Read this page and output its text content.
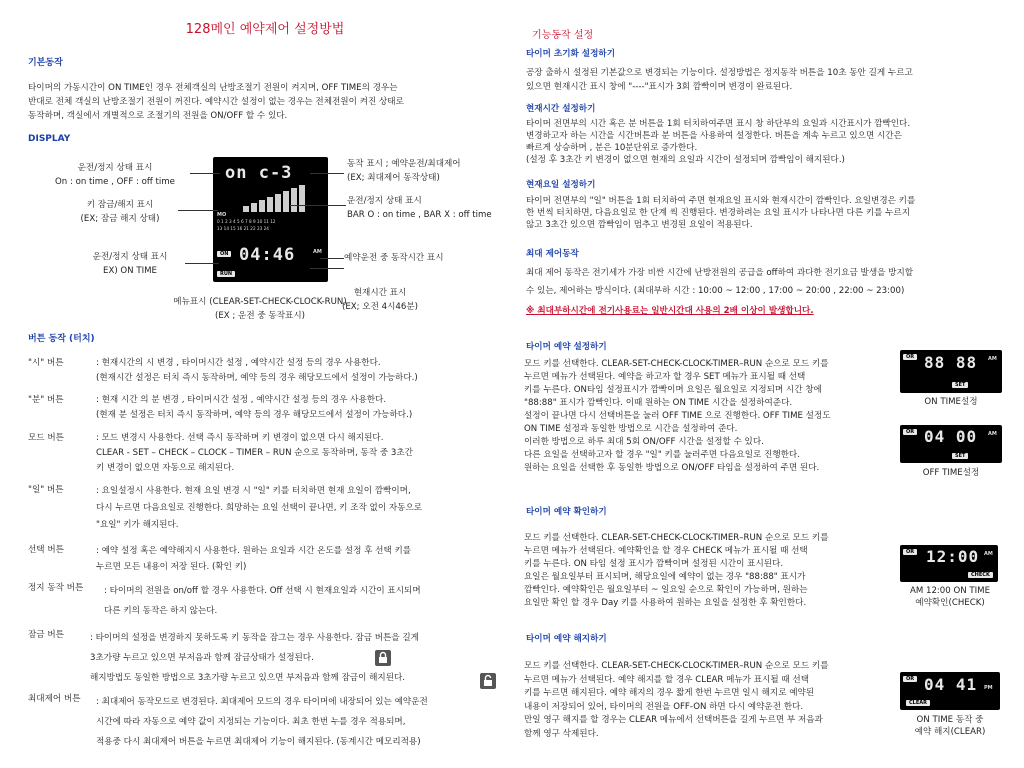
128메인 예약제어 설정방법
기본동작
타이머의 가동시간이 ON TIME인 경우 전체객실의 난방조절기 전원이 켜지며, OFF TIME의 경우는
반대로 전체 객실의 난방조절기 전원이 꺼진다. 예약시간 설정이 없는 경우는 전체전원이 켜진 상태로
동작하며, 객실에서 개별적으로 조절기의 전원을 ON/OFF 할 수 있다.
DISPLAY
on c-3
MO
0 1 2 3 4 5 6 7 8 9 10 11 12
13 14 15 16 21 22 23 24
ON 04:46	AM
RUN
운전/정지 상태 표시
On : on time , OFF : off time
키 잠금/해지 표시
(EX; 잠금 해지 상태)
운전/정지 상태 표시
EX) ON TIME
동작 표시 ; 예약운전/최대제어
(EX; 최대제어 동작상태)
운전/정지 상태 표시
BAR O : on time , BAR X : off time
예약운전 중 동작시간 표시
현재시간 표시
(EX; 오전 4시46분)
메뉴표시 (CLEAR-SET-CHECK-CLOCK-RUN)
(EX ; 운전 중 동작표시)
버튼 동작 (터치)
"시" 버튼	: 현재시간의 시 변경 , 타이머시간 설정 , 예약시간 설정 등의 경우 사용한다.
(현재시간 설정은 터치 즉시 동작하며, 예약 등의 경우 해당모드에서 설정이 가능하다.)
"분" 버튼	: 현재 시간 의 분 변경 , 타이머시간 설정 , 예약시간 설정 등의 경우 사용한다.
(현재 분 설정은 터치 즉시 동작하며, 예약 등의 경우 해당모드에서 설정이 가능하다.)
모드 버튼	: 모드 변경시 사용한다. 선택 즉시 동작하며 키 변경이 없으면 다시 해지된다.
CLEAR - SET – CHECK – CLOCK – TIMER – RUN 순으로 동작하며, 동작 중 3초간
키 변경이 없으면 자동으로 해지된다.
"일" 버튼	: 요일설정시 사용한다. 현재 요일 변경 시 "일" 키를 터치하면 현재 요일이 깜빡이며,
다시 누르면 다음요일로 진행한다. 희망하는 요일 선택이 끝나면, 키 조작 없이 자동으로
"요일" 키가 해지된다.
선택 버튼	: 예약 설정 혹은 예약해지시 사용한다. 원하는 요일과 시간 온도를 설정 후 선택 키를
누르면 모든 내용이 저장 된다. (확인 키)
정지 동작 버튼 : 타이머의 전원을 on/off 할 경우 사용한다. Off 선택 시 현재요일과 시간이 표시되며
다른 키의 동작은 하지 않는다.
잠금 버튼	: 타이머의 설정을 변경하지 못하도록 키 동작을 잠그는 경우 사용한다. 잠금 버튼을 길게
3초가량 누르고 있으면 부저음과 함께 잠금상태가 설정된다.
해지방법도 동일한 방법으로 3초가량 누르고 있으면 부저음과 함께 잠금이 해지된다.
최대제어 버튼 : 최대제어 동작모드로 변경된다. 최대제어 모드의 경우 타이머에 내장되어 있는 예약운전
시간에 따라 자동으로 예약 값이 지정되는 기능이다. 최초 한번 누를 경우 적용되며,
적용중 다시 최대제어 버튼을 누르면 최대제어 기능이 해지된다. (동계시간 메모리적용)
기능동작 설정
타이머 초기화 설정하기
공장 출하시 설정된 기본값으로 변경되는 기능이다. 설정방법은 정지동작 버튼을 10초 동안 길게 누르고
있으면 현재시간 표시 창에 "----"표시가 3회 깜빡이며 변경이 완료된다.
현재시간 설정하기
타이머 전면부의 시간 혹은 분 버튼을 1회 터치하여주면 표시 창 하단부의 요일과 시간표시가 깜빡인다.
변경하고자 하는 시간을 시간버튼과 분 버튼을 사용하여 설정한다. 버튼을 계속 누르고 있으면 시간은
빠르게 상승하며 , 분은 10분단위로 증가한다.
(설정 후 3초간 키 변경이 없으면 현재의 요일과 시간이 설정되며 깜빡임이 해지된다.)
현재요일 설정하기
타이머 전면부의 "일" 버튼을 1회 터치하여 주면 현재요일 표시와 현재시간이 깜빡인다. 요일변경은 키를
한 번씩 터치하면, 다음요일로 한 단계 씩 진행된다. 변경하려는 요일 표시가 나타나면 다른 키를 누르지
않고 3초간 있으면 깜빡임이 멈추고 변경된 요일이 적용된다.
최대 제어동작
최대 제어 동작은 전기세가 가장 비싼 시간에 난방전원의 공급을 off하여 과다한 전기요금 발생을 방지할
수 있는, 제어하는 방식이다. (최대부하 시간 : 10:00 ~ 12:00 , 17:00 ~ 20:00 , 22:00 ~ 23:00)
※ 최대부하시간에 전기사용료는 일반시간대 사용의 2배 이상이 발생합니다.
타이머 예약 설정하기
모드 키를 선택한다. CLEAR-SET-CHECK-CLOCK-TIMER–RUN 순으로 모드 키를
누르면 메뉴가 선택된다. 예약을 하고자 할 경우 SET 메뉴가 표시될 때 선택
키를 누른다. ON타임 설정표시가 깜빡이며 요일은 월요일로 지정되며 시간 창에
"88:88" 표시가 깜빡인다. 이때 원하는 ON TIME 시간을 설정하여준다.
설정이 끝나면 다시 선택버튼을 눌러 OFF TIME 으로 진행한다. OFF TIME 설정도
ON TIME 설정과 동일한 방법으로 시간을 설정하여 준다.
이러한 방법으로 하루 최대 5회 ON/OFF 시간을 설정할 수 있다.
다른 요일을 선택하고자 할 경우 "일" 키를 눌러주면 다음요일로 진행한다.
원하는 요일을 선택한 후 동일한 방법으로 ON/OFF 타임을 설정하여 주면 된다.
OR 88 88 AM
SET
ON TIME설정
OR 04 00 AM
SET
OFF TIME설정
타이머 예약 확인하기
모드 키를 선택한다. CLEAR-SET-CHECK-CLOCK-TIMER–RUN 순으로 모드 키를
누르면 메뉴가 선택된다. 예약확인을 할 경우 CHECK 메뉴가 표시될 때 선택
키를 누른다. ON 타임 설정 표시가 깜빡이며 설정된 시간이 표시된다.
요일은 월요일부터 표시되며, 해당요일에 예약이 없는 경우 "88:88" 표시가
깜빡인다. 예약확인은 월요일부터 ~ 일요일 순으로 확인이 가능하며, 원하는
요일만 확인 할 경우 Day 키를 사용하여 원하는 요일을 설정한 후 확인한다.
OR 12:00 AM
CHECK
AM 12:00 ON TIME
예약확인(CHECK)
타이머 예약 해지하기
모드 키를 선택한다. CLEAR-SET-CHECK-CLOCK-TIMER–RUN 순으로 모드 키를
누르면 메뉴가 선택된다. 예약 해지를 할 경우 CLEAR 메뉴가 표시될 때 선택
키를 누르면 해지된다. 예약 해지의 경우 짧게 한번 누르면 일시 해지로 예약된
내용이 저장되어 있어, 타이머의 전원을 OFF-ON 하면 다시 예약운전 한다.
만일 영구 해지를 할 경우는 CLEAR 메뉴에서 선택버튼을 길게 누르면 부 저음과
함께 영구 삭제된다.
OR 04 41 PM
CLEAR
ON TIME 동작 중
예약 해지(CLEAR)
